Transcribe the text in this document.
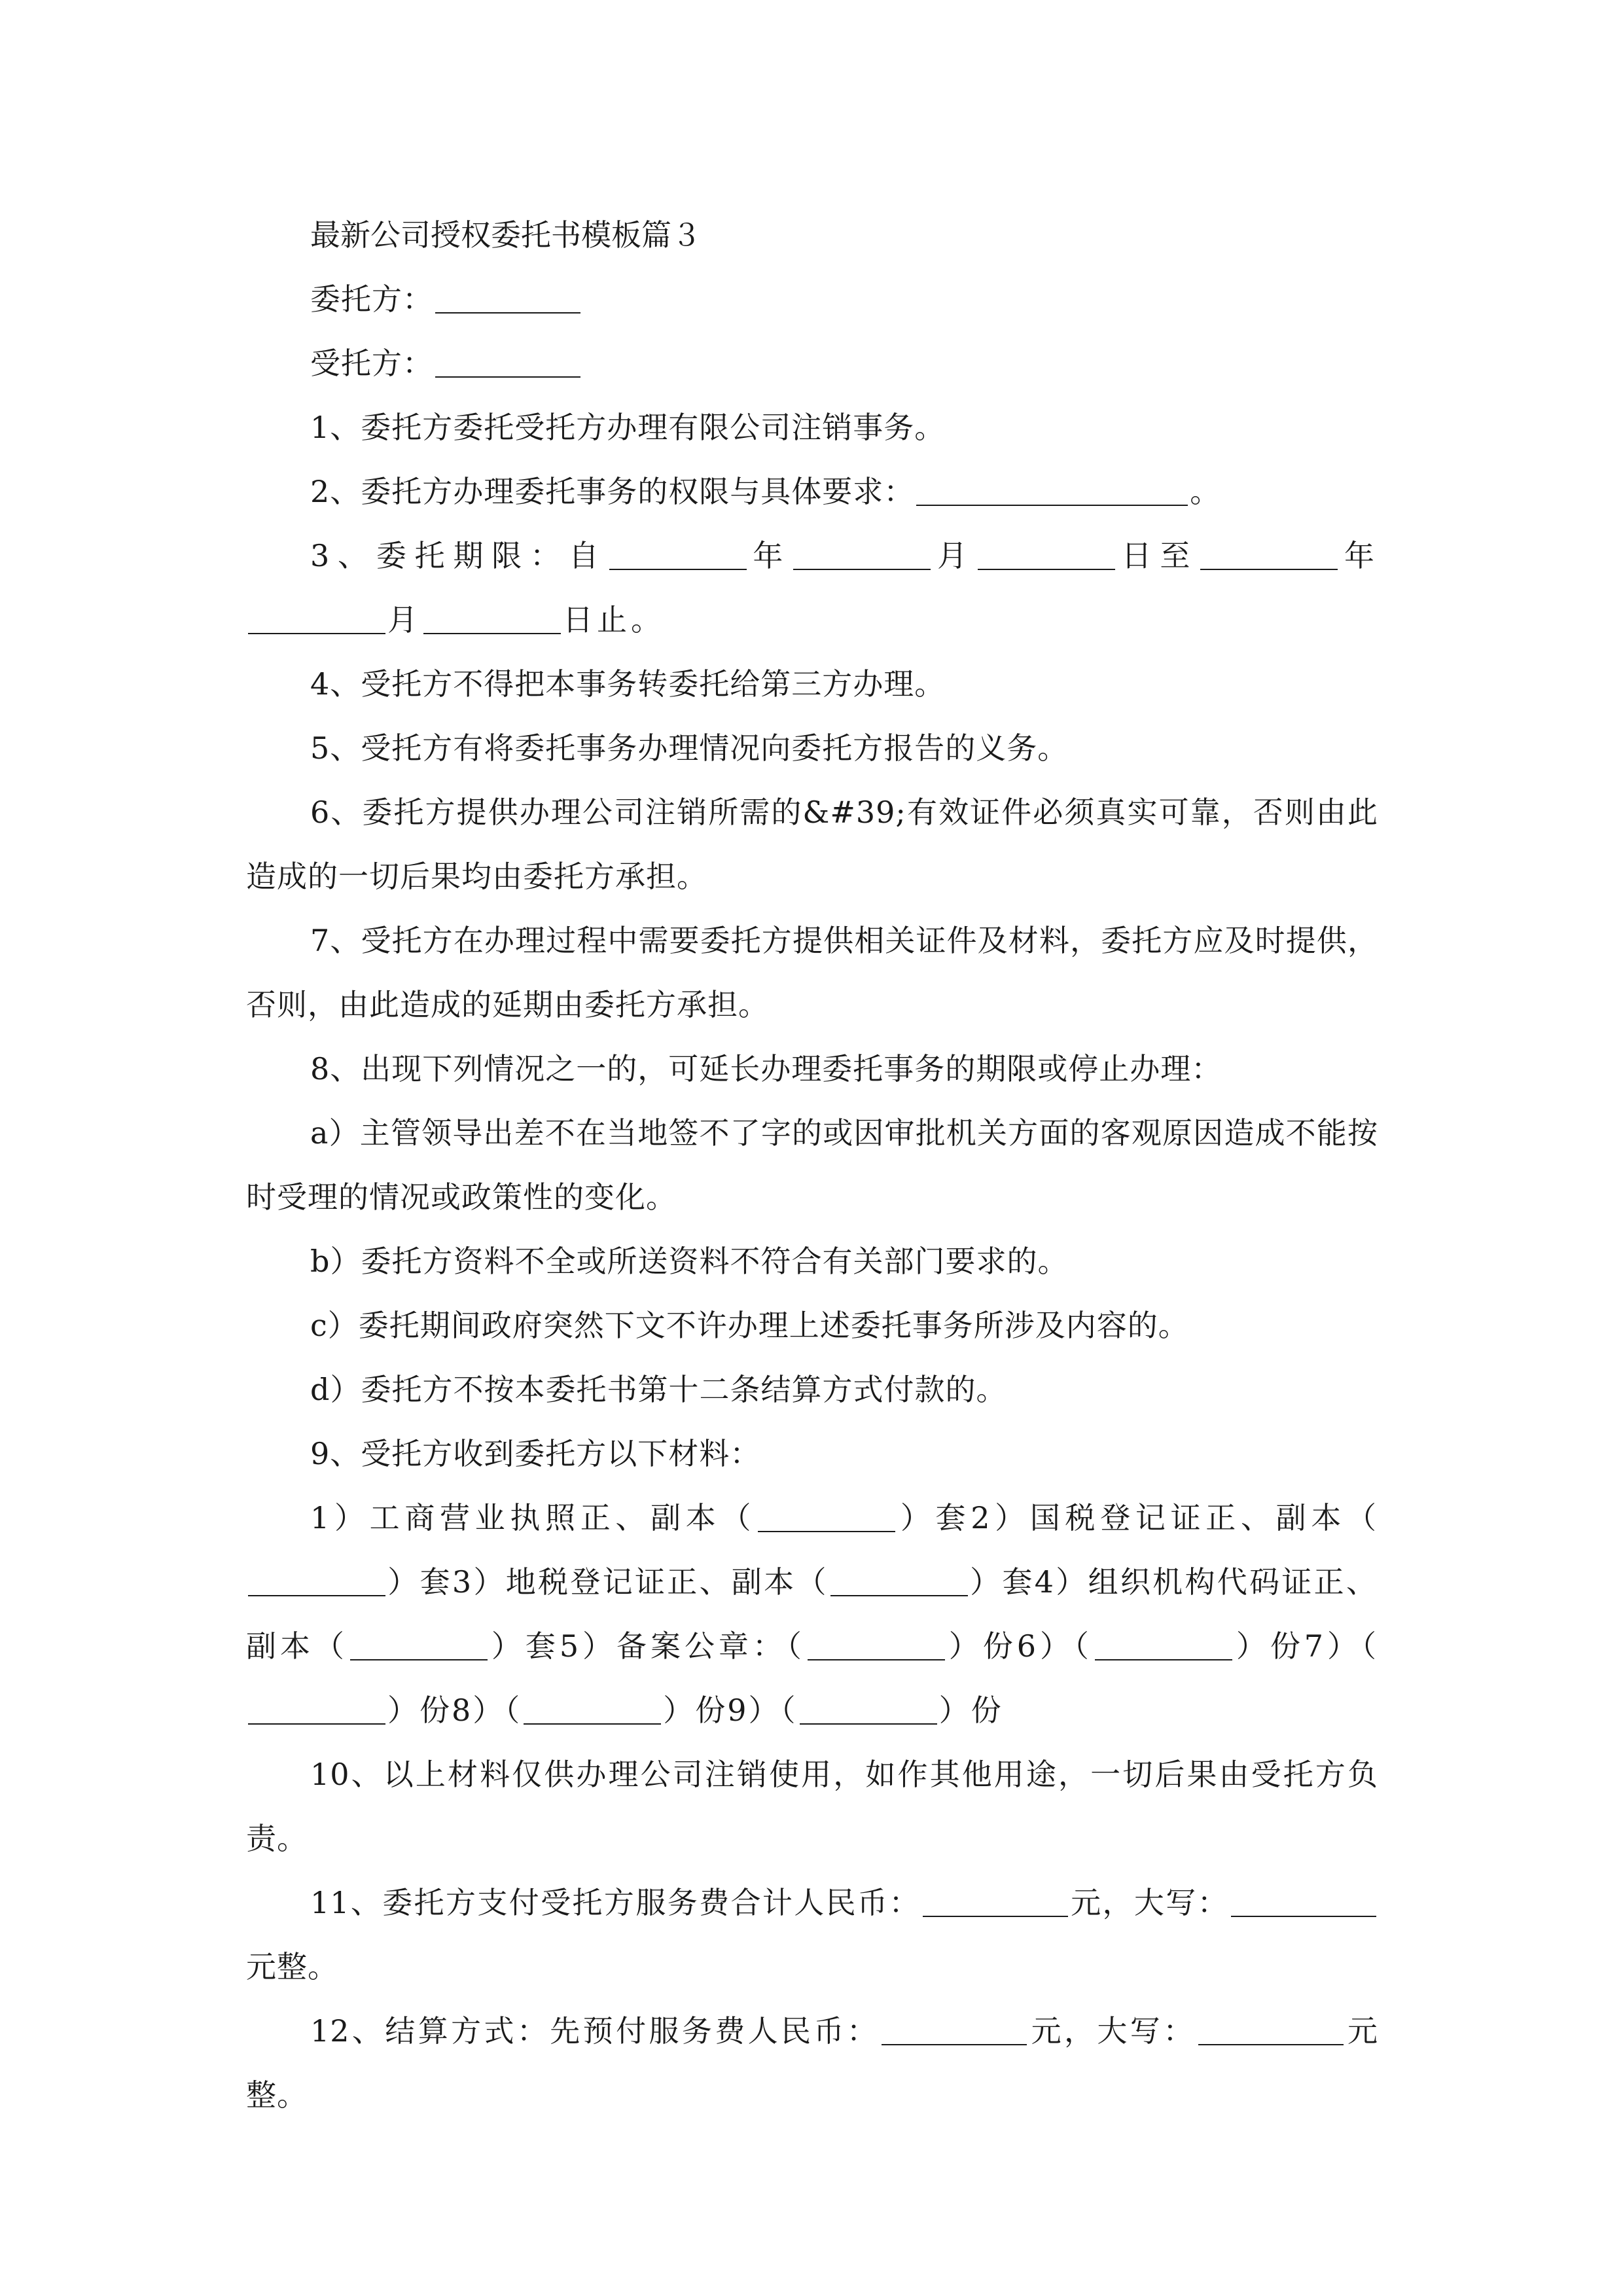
最新公司授权委托书模板篇３

委托方：

受托方：

1、委托方委托受托方办理有限公司注销事务。

2、委托方办理委托事务的权限与具体要求：	。

3、委托期限：自	年	月	日至	年月	日止。

4、受托方不得把本事务转委托给第三方办理。

5、受托方有将委托事务办理情况向委托方报告的义务。

6、委托方提供办理公司注销所需的&#39;有效证件必须真实可靠，否则由此造成的一切后果均由委托方承担。

7、受托方在办理过程中需要委托方提供相关证件及材料，委托方应及时提供，否则，由此造成的延期由委托方承担。

8、出现下列情况之一的，可延长办理委托事务的期限或停止办理：

a）主管领导出差不在当地签不了字的或因审批机关方面的客观原因造成不能按时受理的情况或政策性的变化。

b）委托方资料不全或所送资料不符合有关部门要求的。

c）委托期间政府突然下文不许办理上述委托事务所涉及内容的。

d）委托方不按本委托书第十二条结算方式付款的。

9、受托方收到委托方以下材料：

1）工商营业执照正、副本（	）套2）国税登记证正、副本（）套3）地税登记证正、副本（	）套4）组织机构代码证正、副本（	）套5）备案公章：（	）份6）（	）份7）（）份8）（	）份9）（	）份

10、以上材料仅供办理公司注销使用，如作其他用途，一切后果由受托方负责。

11、委托方支付受托方服务费合计人民币：	元，大写：元整。

12、结算方式：先预付服务费人民币：	元，大写：	元整。
